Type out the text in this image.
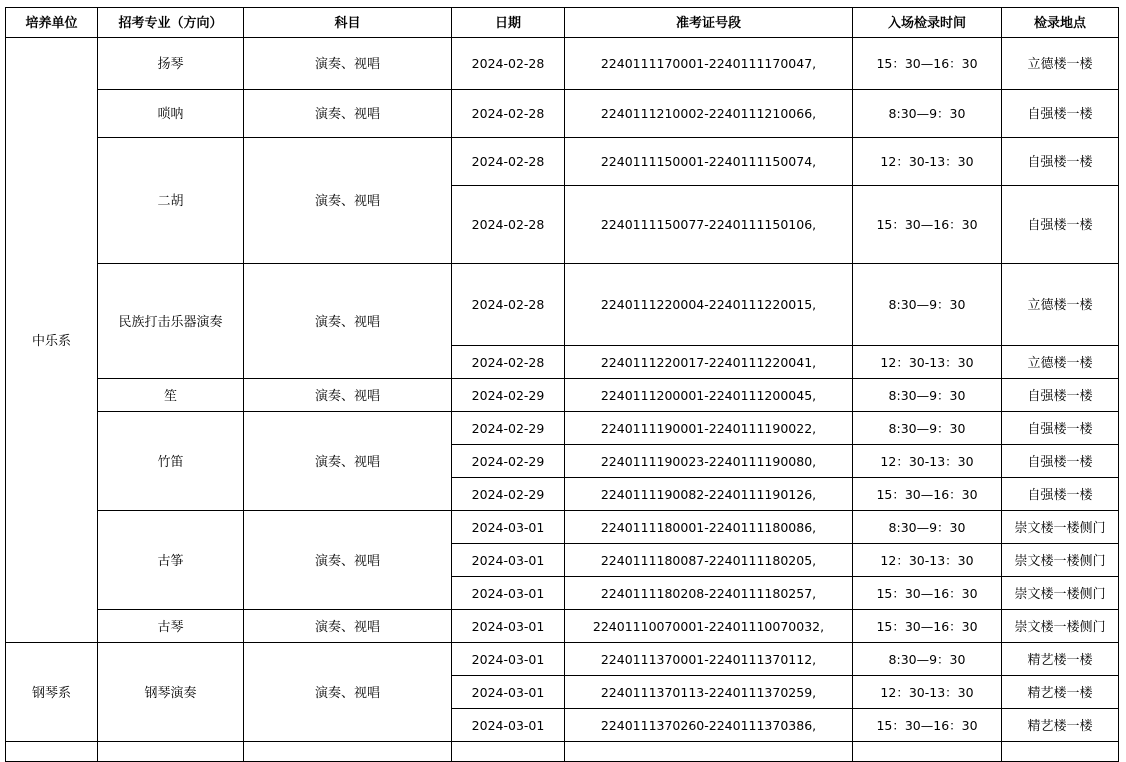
培养单位	招考专业（方向）	科目	日期	准考证号段	入场检录时间	检录地点
中乐系	扬琴	演奏、视唱	2024-02-28	2240111170001-2240111170047,	15：30—16：30	立德楼一楼
	唢呐	演奏、视唱	2024-02-28	2240111210002-2240111210066,	8:30—9：30	自强楼一楼
	二胡	演奏、视唱	2024-02-28	2240111150001-2240111150074,	12：30-13：30	自强楼一楼
			2024-02-28	2240111150077-2240111150106,	15：30—16：30	自强楼一楼
	民族打击乐器演奏	演奏、视唱	2024-02-28	2240111220004-2240111220015,	8:30—9：30	立德楼一楼
			2024-02-28	2240111220017-2240111220041,	12：30-13：30	立德楼一楼
	笙	演奏、视唱	2024-02-29	2240111200001-2240111200045,	8:30—9：30	自强楼一楼
	竹笛	演奏、视唱	2024-02-29	2240111190001-2240111190022,	8:30—9：30	自强楼一楼
			2024-02-29	2240111190023-2240111190080,	12：30-13：30	自强楼一楼
			2024-02-29	2240111190082-2240111190126,	15：30—16：30	自强楼一楼
	古筝	演奏、视唱	2024-03-01	2240111180001-2240111180086,	8:30—9：30	崇文楼一楼侧门
			2024-03-01	2240111180087-2240111180205,	12：30-13：30	崇文楼一楼侧门
			2024-03-01	2240111180208-2240111180257,	15：30—16：30	崇文楼一楼侧门
	古琴	演奏、视唱	2024-03-01	22401110070001-22401110070032,	15：30—16：30	崇文楼一楼侧门
钢琴系	钢琴演奏	演奏、视唱	2024-03-01	2240111370001-2240111370112,	8:30—9：30	精艺楼一楼
			2024-03-01	2240111370113-2240111370259,	12：30-13：30	精艺楼一楼
			2024-03-01	2240111370260-2240111370386,	15：30—16：30	精艺楼一楼
